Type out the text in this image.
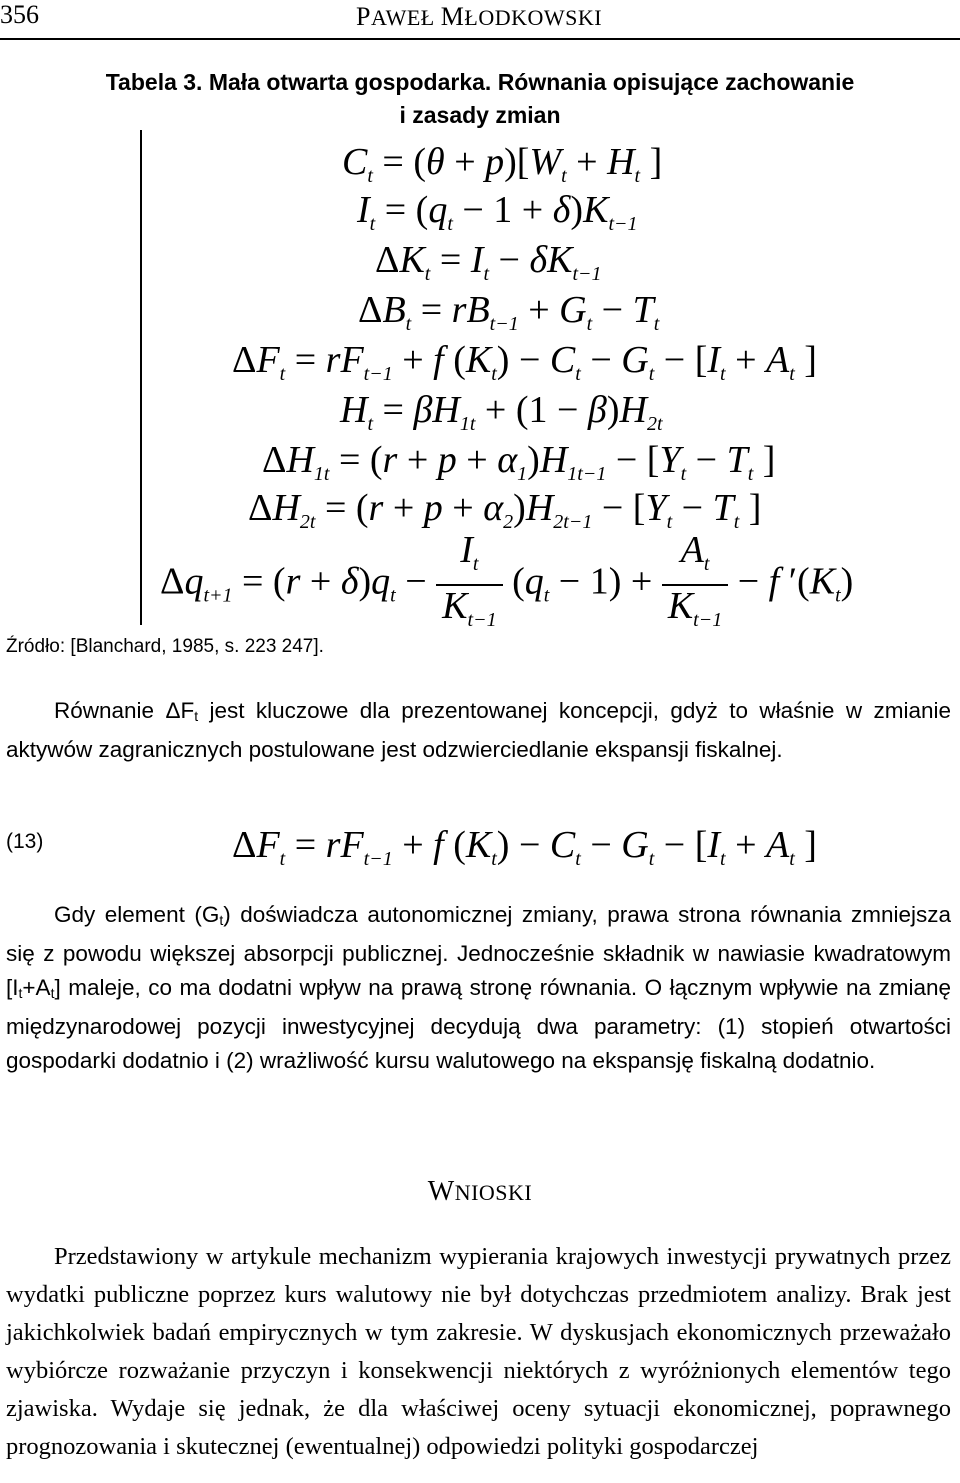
356	PAWEŁ MŁODKOWSKI
Tabela 3. Mała otwarta gospodarka. Równania opisujące zachowanie
i zasady zmian
$C_t = (\theta + p)[W_t + H_t$ ]
$I_t = (q_t - 1 + \delta)K_{t-1}$
$\Delta K_t = I_t - \delta K_{t-1}$
$\Delta B_t = rB_{t-1} + G_t - T_t$
$\Delta F_t = rF_{t-1} + f$ $(K_t) - C_t - G_t - [I_t + A_t$ ]
$H_t = \beta H_{1t} + (1 - \beta)H_{2t}$
$\Delta H_{1t} = (r + p + \alpha_1)H_{1t-1} - [Y_t - T_t$ ]
$\Delta H_{2t} = (r + p + \alpha_2)H_{2t-1} - [Y_t - T_t$ ]
$\Delta q_{t+1} = (r + \delta)q_t - \frac{I_t}{K_{t-1}} (q_t - 1) + \frac{A_t}{K_{t-1}} - f$ $'(K_t)$
Źródło: [Blanchard, 1985, s. 223 247].
Równanie $\Delta F_t$ jest kluczowe dla prezentowanej koncepcji, gdyż to właśnie w zmianie aktywów zagranicznych postulowane jest odzwierciedlanie ekspansji fiskalnej.
(13)	$\Delta F_t = rF_{t-1} + f$ $(K_t) - C_t - G_t - [I_t + A_t$ ]
Gdy element $(G_t)$ doświadcza autonomicznej zmiany, prawa strona równania zmniejsza się z powodu większej absorpcji publicznej. Jednocześnie składnik w nawiasie kwadratowym $[I_t+A_t]$ maleje, co ma dodatni wpływ na prawą stronę równania. O łącznym wpływie na zmianę międzynarodowej pozycji inwestycyjnej decydują dwa parametry: (1) stopień otwartości gospodarki dodatnio i (2) wrażliwość kursu walutowego na ekspansję fiskalną dodatnio.
WNIOSKI
Przedstawiony w artykule mechanizm wypierania krajowych inwestycji prywatnych przez wydatki publiczne poprzez kurs walutowy nie był dotychczas przedmiotem analizy. Brak jest jakichkolwiek badań empirycznych w tym zakresie. W dyskusjach ekonomicznych przeważało wybiórcze rozważanie przyczyn i konsekwencji niektórych z wyróżnionych elementów tego zjawiska. Wydaje się jednak, że dla właściwej oceny sytuacji ekonomicznej, poprawnego prognozowania i skutecznej (ewentualnej) odpowiedzi polityki gospodarczej
